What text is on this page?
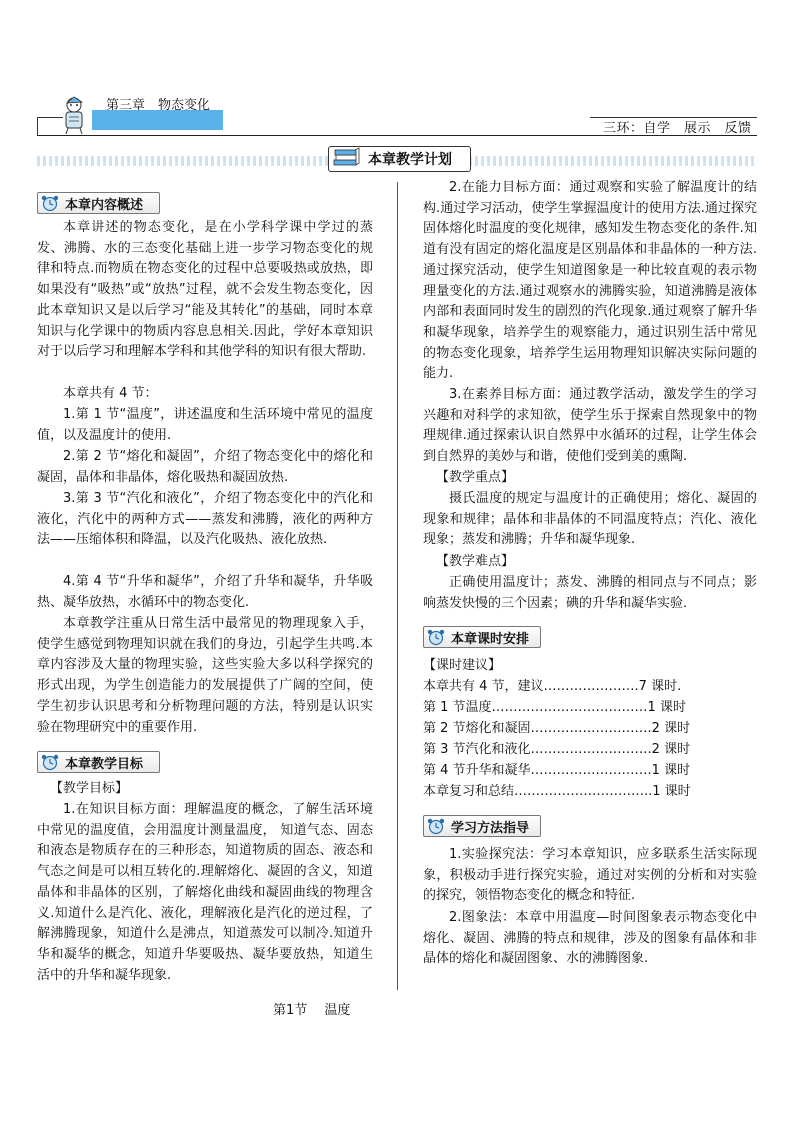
第三章　物态变化
三环：自学　展示　反馈
本章教学计划
本章内容概述
本章讲述的物态变化，是在小学科学课中学过的蒸发、沸腾、水的三态变化基础上进一步学习物态变化的规律和特点.而物质在物态变化的过程中总要吸热或放热，即如果没有“吸热”或“放热”过程，就不会发生物态变化，因此本章知识又是以后学习“能及其转化”的基础，同时本章知识与化学课中的物质内容息息相关.因此，学好本章知识对于以后学习和理解本学科和其他学科的知识有很大帮助.
本章共有 4 节：
1.第 1 节“温度”，讲述温度和生活环境中常见的温度值，以及温度计的使用.
2.第 2 节“熔化和凝固”，介绍了物态变化中的熔化和凝固，晶体和非晶体，熔化吸热和凝固放热.
3.第 3 节“汽化和液化”，介绍了物态变化中的汽化和液化，汽化中的两种方式——蒸发和沸腾，液化的两种方法——压缩体积和降温，以及汽化吸热、液化放热.
4.第 4 节“升华和凝华”，介绍了升华和凝华，升华吸热、凝华放热，水循环中的物态变化.
本章教学注重从日常生活中最常见的物理现象入手，使学生感觉到物理知识就在我们的身边，引起学生共鸣.本章内容涉及大量的物理实验，这些实验大多以科学探究的形式出现，为学生创造能力的发展提供了广阔的空间，使学生初步认识思考和分析物理问题的方法，特别是认识实验在物理研究中的重要作用.
本章教学目标
【教学目标】
1.在知识目标方面：理解温度的概念，了解生活环境中常见的温度值，会用温度计测量温度， 知道气态、固态和液态是物质存在的三种形态，知道物质的固态、液态和气态之间是可以相互转化的.理解熔化、凝固的含义，知道晶体和非晶体的区别，了解熔化曲线和凝固曲线的物理含义.知道什么是汽化、液化，理解液化是汽化的逆过程，了解沸腾现象，知道什么是沸点，知道蒸发可以制冷.知道升华和凝华的概念，知道升华要吸热、凝华要放热，知道生活中的升华和凝华现象.
2.在能力目标方面：通过观察和实验了解温度计的结构.通过学习活动，使学生掌握温度计的使用方法.通过探究固体熔化时温度的变化规律，感知发生物态变化的条件.知道有没有固定的熔化温度是区别晶体和非晶体的一种方法. 通过探究活动，使学生知道图象是一种比较直观的表示物理量变化的方法.通过观察水的沸腾实验，知道沸腾是液体内部和表面同时发生的剧烈的汽化现象.通过观察了解升华和凝华现象，培养学生的观察能力，通过识别生活中常见的物态变化现象，培养学生运用物理知识解决实际问题的能力.
3.在素养目标方面：通过教学活动，激发学生的学习兴趣和对科学的求知欲，使学生乐于探索自然现象中的物理规律.通过探索认识自然界中水循环的过程，让学生体会到自然界的美妙与和谐，使他们受到美的熏陶.
【教学重点】
摄氏温度的规定与温度计的正确使用；熔化、凝固的现象和规律；晶体和非晶体的不同温度特点；汽化、液化现象；蒸发和沸腾；升华和凝华现象.
【教学难点】
正确使用温度计；蒸发、沸腾的相同点与不同点；影响蒸发快慢的三个因素；碘的升华和凝华实验.
本章课时安排
【课时建议】
本章共有 4 节，建议………………….7 课时.
第 1 节温度………………………………1 课时
第 2 节熔化和凝固……………………….2 课时
第 3 节汽化和液化……………………….2 课时
第 4 节升华和凝华……………………….1 课时
本章复习和总结…………………………..1 课时
学习方法指导
1.实验探究法：学习本章知识，应多联系生活实际现象，积极动手进行探究实验，通过对实例的分析和对实验的探究，领悟物态变化的概念和特征.
2.图象法：本章中用温度—时间图象表示物态变化中熔化、凝固、沸腾的特点和规律，涉及的图象有晶体和非晶体的熔化和凝固图象、水的沸腾图象.
第1节　 温度
